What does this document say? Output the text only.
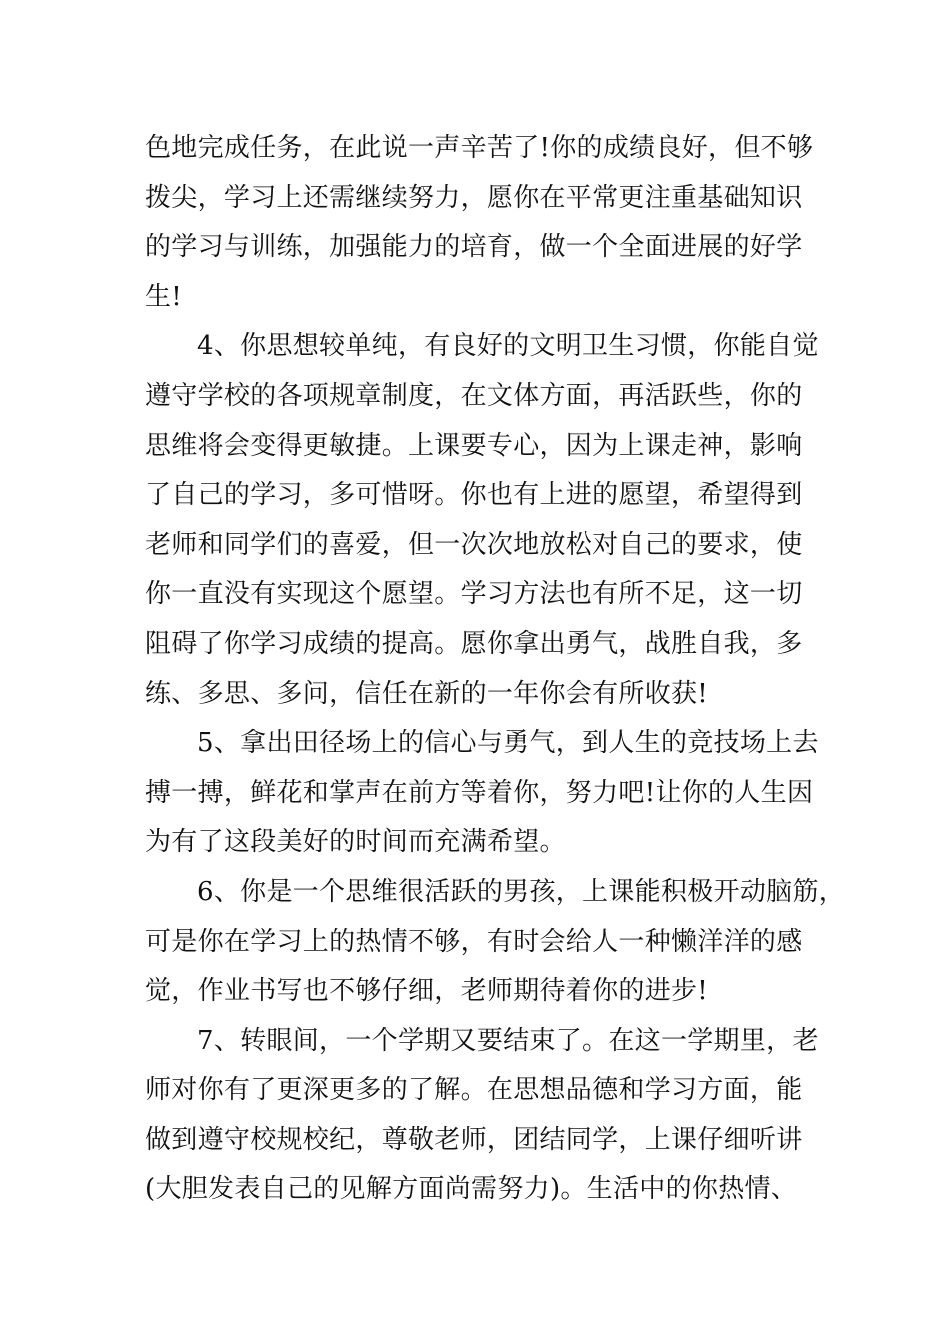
色地完成任务，在此说一声辛苦了!你的成绩良好，但不够
拨尖，学习上还需继续努力，愿你在平常更注重基础知识
的学习与训练，加强能力的培育，做一个全面进展的好学
生!
4、你思想较单纯，有良好的文明卫生习惯，你能自觉
遵守学校的各项规章制度，在文体方面，再活跃些，你的
思维将会变得更敏捷。上课要专心，因为上课走神，影响
了自己的学习，多可惜呀。你也有上进的愿望，希望得到
老师和同学们的喜爱，但一次次地放松对自己的要求，使
你一直没有实现这个愿望。学习方法也有所不足，这一切
阻碍了你学习成绩的提高。愿你拿出勇气，战胜自我，多
练、多思、多问，信任在新的一年你会有所收获!
5、拿出田径场上的信心与勇气，到人生的竞技场上去
搏一搏，鲜花和掌声在前方等着你，努力吧!让你的人生因
为有了这段美好的时间而充满希望。
6、你是一个思维很活跃的男孩，上课能积极开动脑筋，
可是你在学习上的热情不够，有时会给人一种懒洋洋的感
觉，作业书写也不够仔细，老师期待着你的进步!
7、转眼间，一个学期又要结束了。在这一学期里，老
师对你有了更深更多的了解。在思想品德和学习方面，能
做到遵守校规校纪，尊敬老师，团结同学，上课仔细听讲
(大胆发表自己的见解方面尚需努力)。生活中的你热情、
